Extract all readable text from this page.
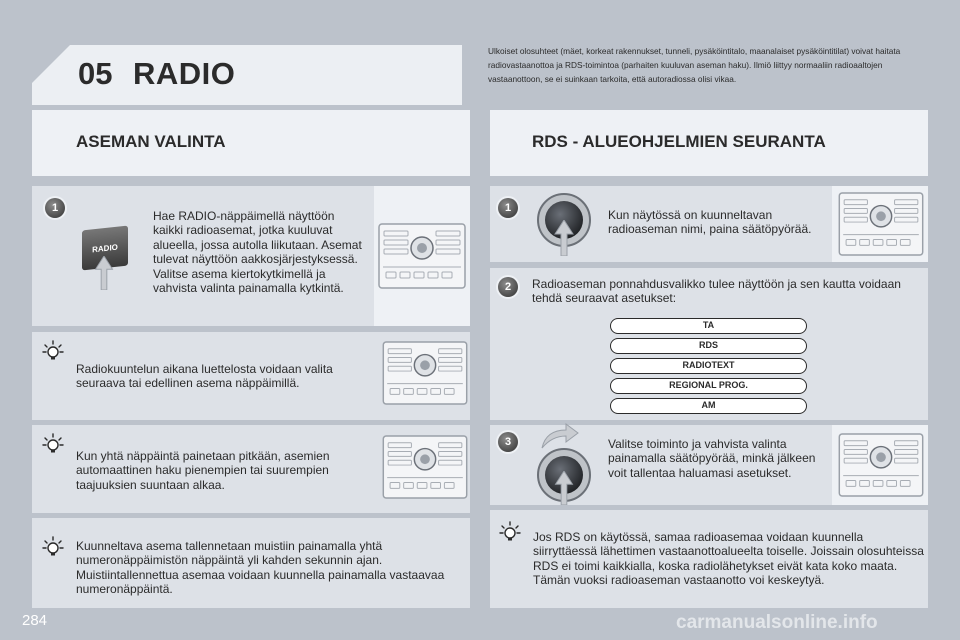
05 RADIO
Ulkoiset olosuhteet (mäet, korkeat rakennukset, tunneli, pysäköintitalo, maanalaiset pysäköintitilat) voivat haitata radiovastaanottoa ja RDS-toimintoa (parhaiten kuuluvan aseman haku). Ilmiö liittyy normaaliin radioaaltojen vastaanottoon, se ei suinkaan tarkoita, että autoradiossa olisi vikaa.
ASEMAN VALINTA	RDS - ALUEOHJELMIEN SEURANTA
Hae RADIO-näppäimellä näyttöön kaikki radioasemat, jotka kuuluvat alueella, jossa autolla liikutaan. Asemat tulevat näyttöön aakkosjärjestyksessä. Valitse asema kiertokytkimellä ja vahvista valinta painamalla kytkintä.
RADIO
1
Radiokuuntelun aikana luettelosta voidaan valita seuraava tai edellinen asema näppäimillä.
Kun yhtä näppäintä painetaan pitkään, asemien automaattinen haku pienempien tai suurempien taajuuksien suuntaan alkaa.
Kuunneltava asema tallennetaan muistiin painamalla yhtä numeronäppäimistön näppäintä yli kahden sekunnin ajan. Muistiintallennettua asemaa voidaan kuunnella painamalla vastaavaa numeronäppäintä.
Kun näytössä on kuunneltavan radioaseman nimi, paina säätöpyörää.
1
Radioaseman ponnahdusvalikko tulee näyttöön ja sen kautta voidaan tehdä seuraavat asetukset:
2
TA
RDS
RADIOTEXT
REGIONAL PROG.
AM
Valitse toiminto ja vahvista valinta painamalla säätöpyörää, minkä jälkeen voit tallentaa haluamasi asetukset.
3
Jos RDS on käytössä, samaa radioasemaa voidaan kuunnella siirryttäessä lähettimen vastaanottoalueelta toiselle. Joissain olosuhteissa RDS ei toimi kaikkialla, koska radiolähetykset eivät kata koko maata. Tämän vuoksi radioaseman vastaanotto voi keskeytyä.
284	carmanualsonline.info
